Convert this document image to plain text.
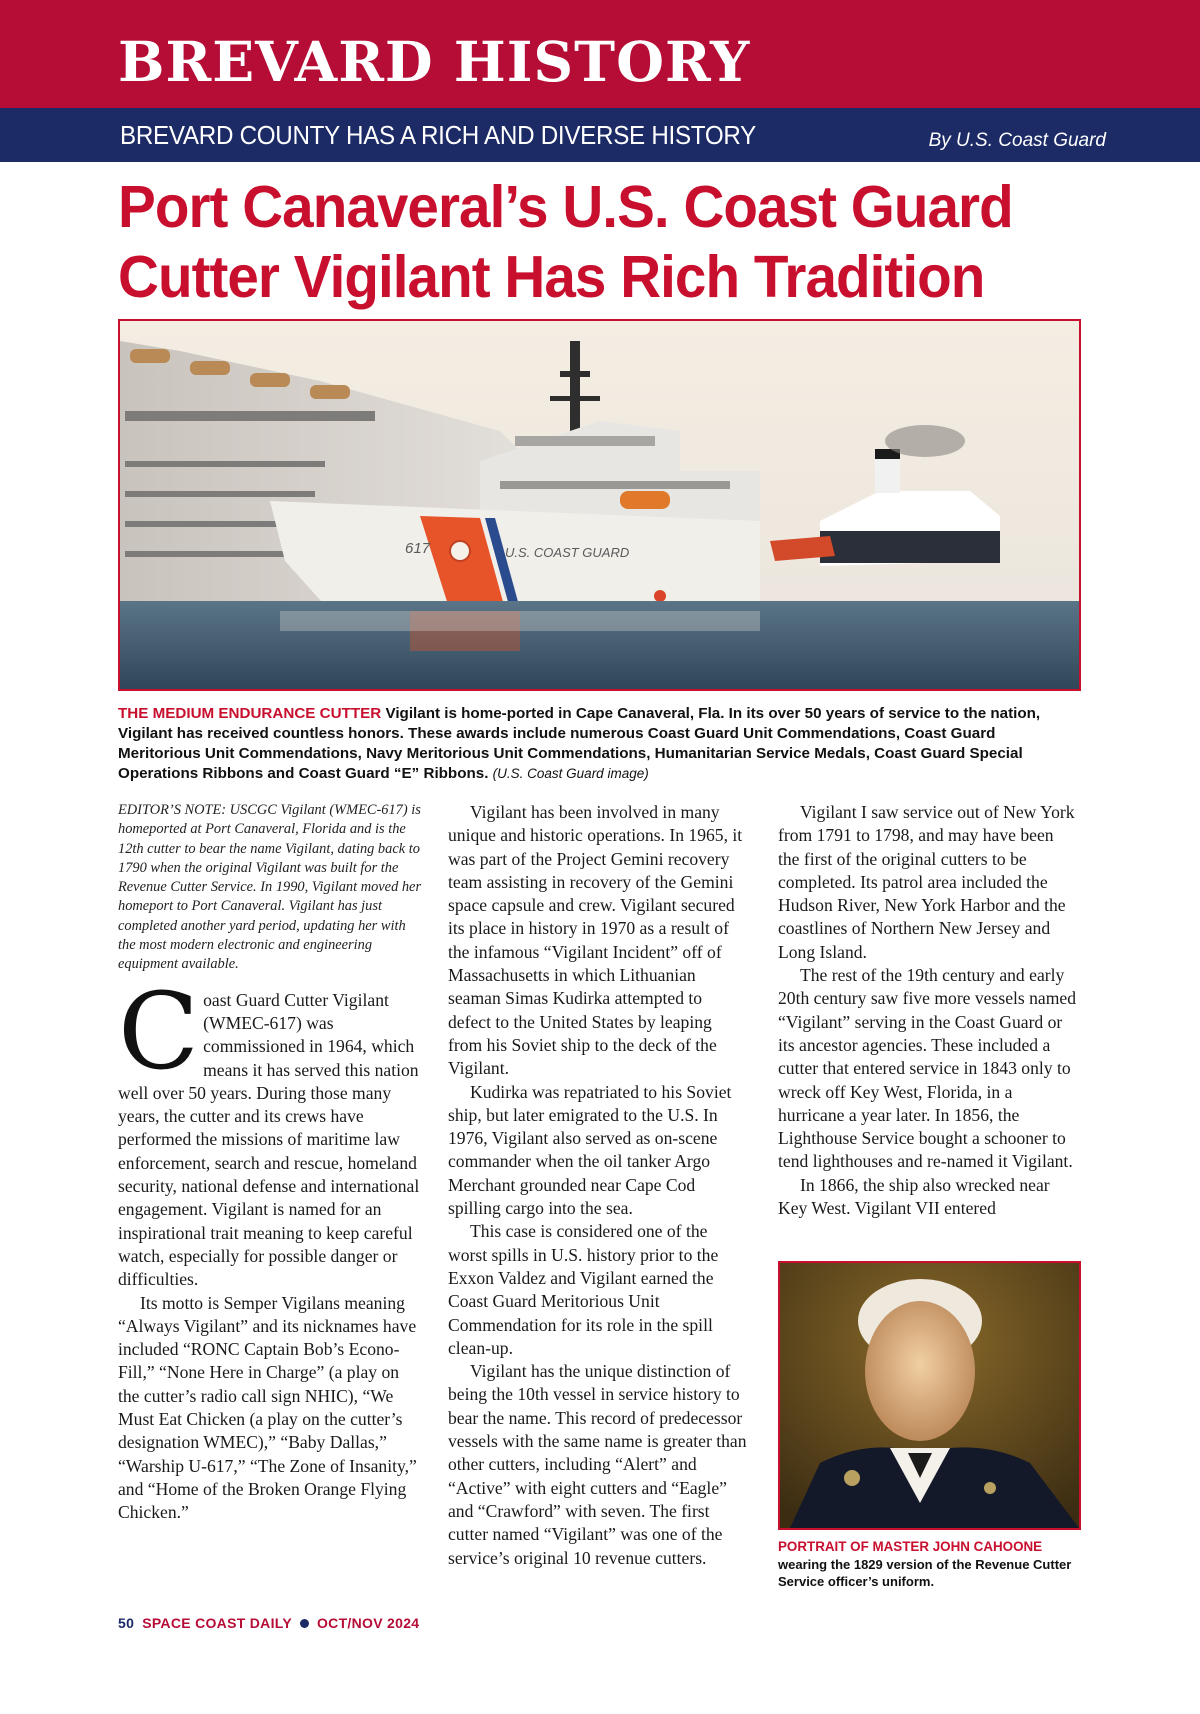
BREVARD HISTORY
BREVARD COUNTY HAS A RICH AND DIVERSE HISTORY	By U.S. Coast Guard
Port Canaveral’s U.S. Coast Guard Cutter Vigilant Has Rich Tradition
617	U.S. COAST GUARD
THE MEDIUM ENDURANCE CUTTER Vigilant is home-ported in Cape Canaveral, Fla. In its over 50 years of service to the nation, Vigilant has received countless honors. These awards include numerous Coast Guard Unit Commendations, Coast Guard Meritorious Unit Commendations, Navy Meritorious Unit Commendations, Humanitarian Service Medals, Coast Guard Special Operations Ribbons and Coast Guard “E” Ribbons. (U.S. Coast Guard image)

EDITOR’S NOTE: USCGC Vigilant (WMEC-617) is homeported at Port Canaveral, Florida and is the 12th cutter to bear the name Vigilant, dating back to 1790 when the original Vigilant was built for the Revenue Cutter Service. In 1990, Vigilant moved her homeport to Port Canaveral. Vigilant has just completed another yard period, updating her with the most modern electronic and engineering equipment available.

Coast Guard Cutter Vigilant (WMEC-617) was commissioned in 1964, which means it has served this nation well over 50 years. During those many years, the cutter and its crews have performed the missions of maritime law enforcement, search and rescue, homeland security, national defense and international engagement. Vigilant is named for an inspirational trait meaning to keep careful watch, especially for possible danger or difficulties.

Its motto is Semper Vigilans meaning “Always Vigilant” and its nicknames have included “RONC Captain Bob’s Econo-Fill,” “None Here in Charge” (a play on the cutter’s radio call sign NHIC), “We Must Eat Chicken (a play on the cutter’s designation WMEC),” “Baby Dallas,” “Warship U-617,” “The Zone of Insanity,” and “Home of the Broken Orange Flying Chicken.”

Vigilant has been involved in many unique and historic operations. In 1965, it was part of the Project Gemini recovery team assisting in recovery of the Gemini space capsule and crew. Vigilant secured its place in history in 1970 as a result of the infamous “Vigilant Incident” off of Massachusetts in which Lithuanian seaman Simas Kudirka attempted to defect to the United States by leaping from his Soviet ship to the deck of the Vigilant.

Kudirka was repatriated to his Soviet ship, but later emigrated to the U.S. In 1976, Vigilant also served as on-scene commander when the oil tanker Argo Merchant grounded near Cape Cod spilling cargo into the sea.

This case is considered one of the worst spills in U.S. history prior to the Exxon Valdez and Vigilant earned the Coast Guard Meritorious Unit Commendation for its role in the spill clean-up.

Vigilant has the unique distinction of being the 10th vessel in service history to bear the name. This record of predecessor vessels with the same name is greater than other cutters, including “Alert” and “Active” with eight cutters and “Eagle” and “Crawford” with seven. The first cutter named “Vigilant” was one of the service’s original 10 revenue cutters.

Vigilant I saw service out of New York from 1791 to 1798, and may have been the first of the original cutters to be completed. Its patrol area included the Hudson River, New York Harbor and the coastlines of Northern New Jersey and Long Island.

The rest of the 19th century and early 20th century saw five more vessels named “Vigilant” serving in the Coast Guard or its ancestor agencies. These included a cutter that entered service in 1843 only to wreck off Key West, Florida, in a hurricane a year later. In 1856, the Lighthouse Service bought a schooner to tend lighthouses and re-named it Vigilant.

In 1866, the ship also wrecked near Key West. Vigilant VII entered

PORTRAIT OF MASTER JOHN CAHOONE
wearing the 1829 version of the Revenue Cutter Service officer’s uniform.
50 SPACE COAST DAILY OCT/NOV 2024
